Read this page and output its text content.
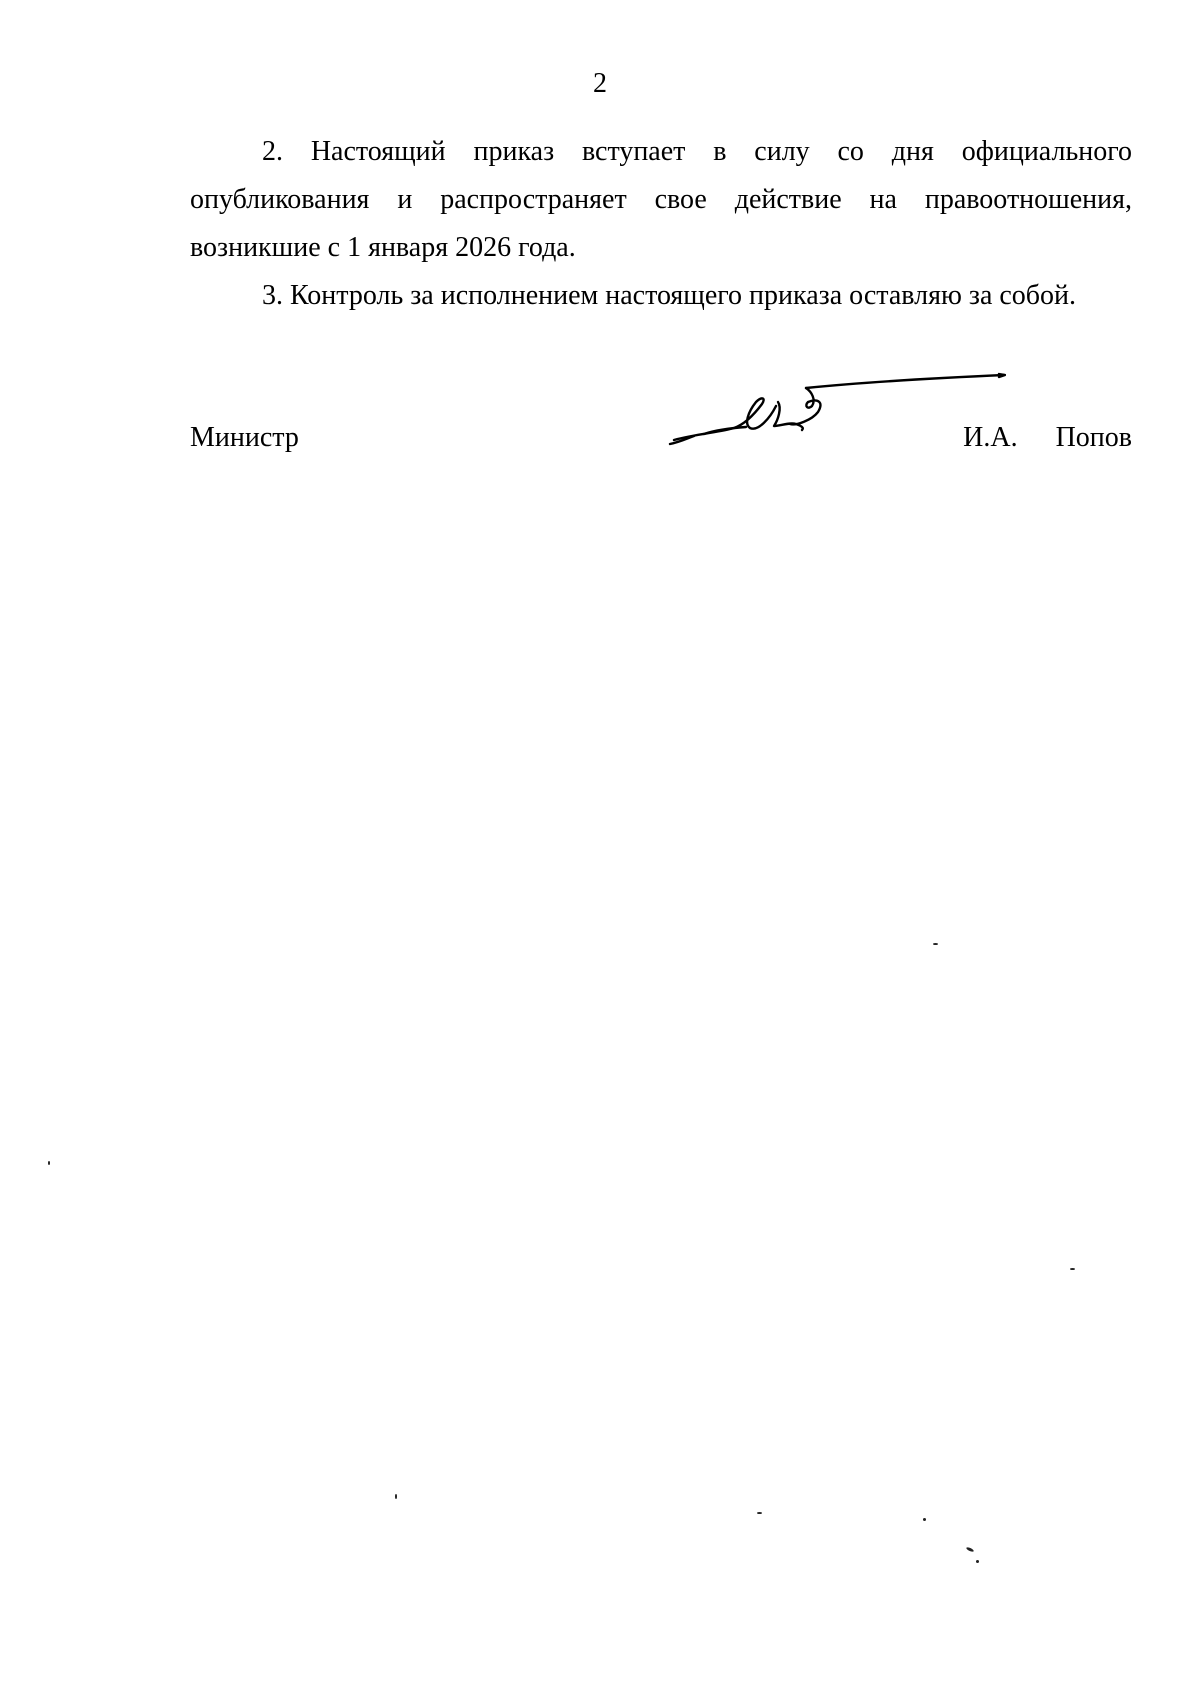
2

2. Настоящий приказ вступает в силу со дня официального опубликования и распространяет свое действие на правоотношения, возникшие с 1 января 2026 года.

3. Контроль за исполнением настоящего приказа оставляю за собой.

Министр	И.А.  Попов
